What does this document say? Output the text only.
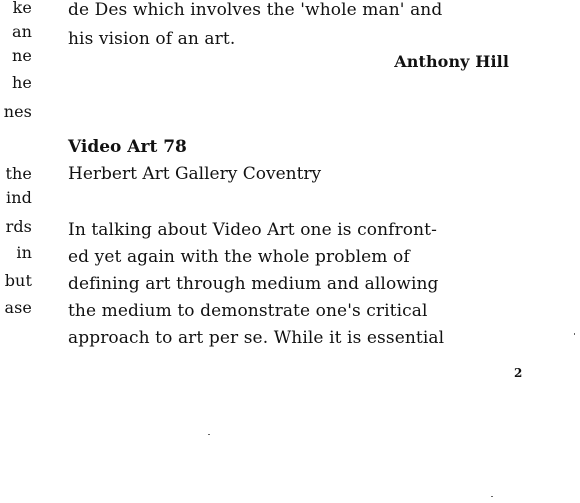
ke
an
ne
he
nes
the
ind
rds
in
but
ase
de Des which involves the 'whole man' and
his vision of an art.
Anthony Hill
Video Art 78
Herbert Art Gallery Coventry
In talking about Video Art one is confront-
ed yet again with the whole problem of
defining art through medium and allowing
the medium to demonstrate one's critical
approach to art per se. While it is essential
2
